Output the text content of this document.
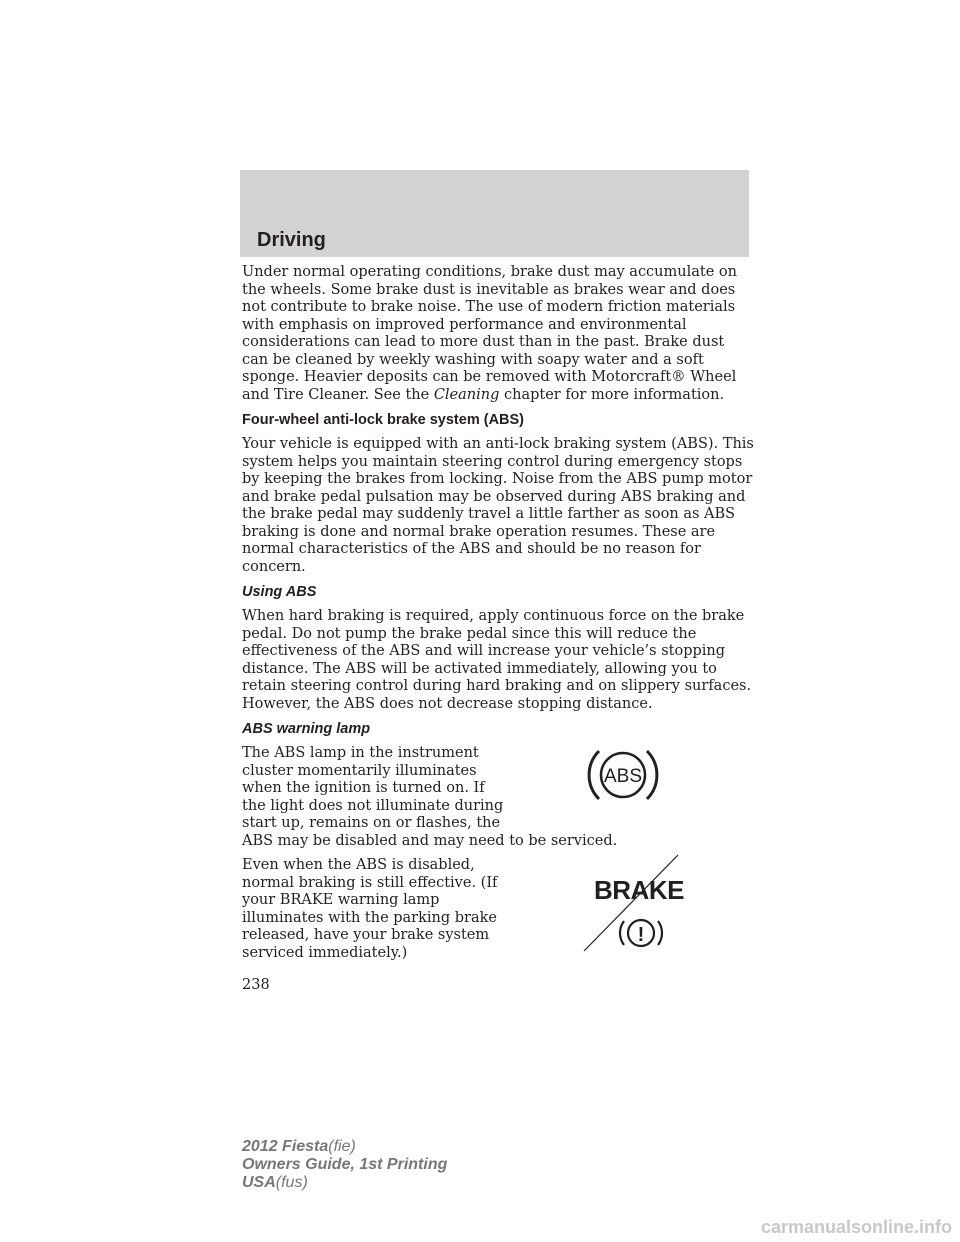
Driving

Under normal operating conditions, brake dust may accumulate on the wheels. Some brake dust is inevitable as brakes wear and does not contribute to brake noise. The use of modern friction materials with emphasis on improved performance and environmental considerations can lead to more dust than in the past. Brake dust can be cleaned by weekly washing with soapy water and a soft sponge. Heavier deposits can be removed with Motorcraft® Wheel and Tire Cleaner. See the Cleaning chapter for more information.

Four-wheel anti-lock brake system (ABS)

Your vehicle is equipped with an anti-lock braking system (ABS). This system helps you maintain steering control during emergency stops by keeping the brakes from locking. Noise from the ABS pump motor and brake pedal pulsation may be observed during ABS braking and the brake pedal may suddenly travel a little farther as soon as ABS braking is done and normal brake operation resumes. These are normal characteristics of the ABS and should be no reason for concern.

Using ABS

When hard braking is required, apply continuous force on the brake pedal. Do not pump the brake pedal since this will reduce the effectiveness of the ABS and will increase your vehicle’s stopping distance. The ABS will be activated immediately, allowing you to retain steering control during hard braking and on slippery surfaces. However, the ABS does not decrease stopping distance.

ABS warning lamp
ABS

The ABS lamp in the instrument cluster momentarily illuminates when the ignition is turned on. If the light does not illuminate during start up, remains on or flashes, the

ABS may be disabled and may need to be serviced.

BRAKE
!

Even when the ABS is disabled, normal braking is still effective. (If your BRAKE warning lamp illuminates with the parking brake released, have your brake system serviced immediately.)

238
2012 Fiesta(fie)
Owners Guide, 1st Printing
USA(fus)
carmanualsonline.info
